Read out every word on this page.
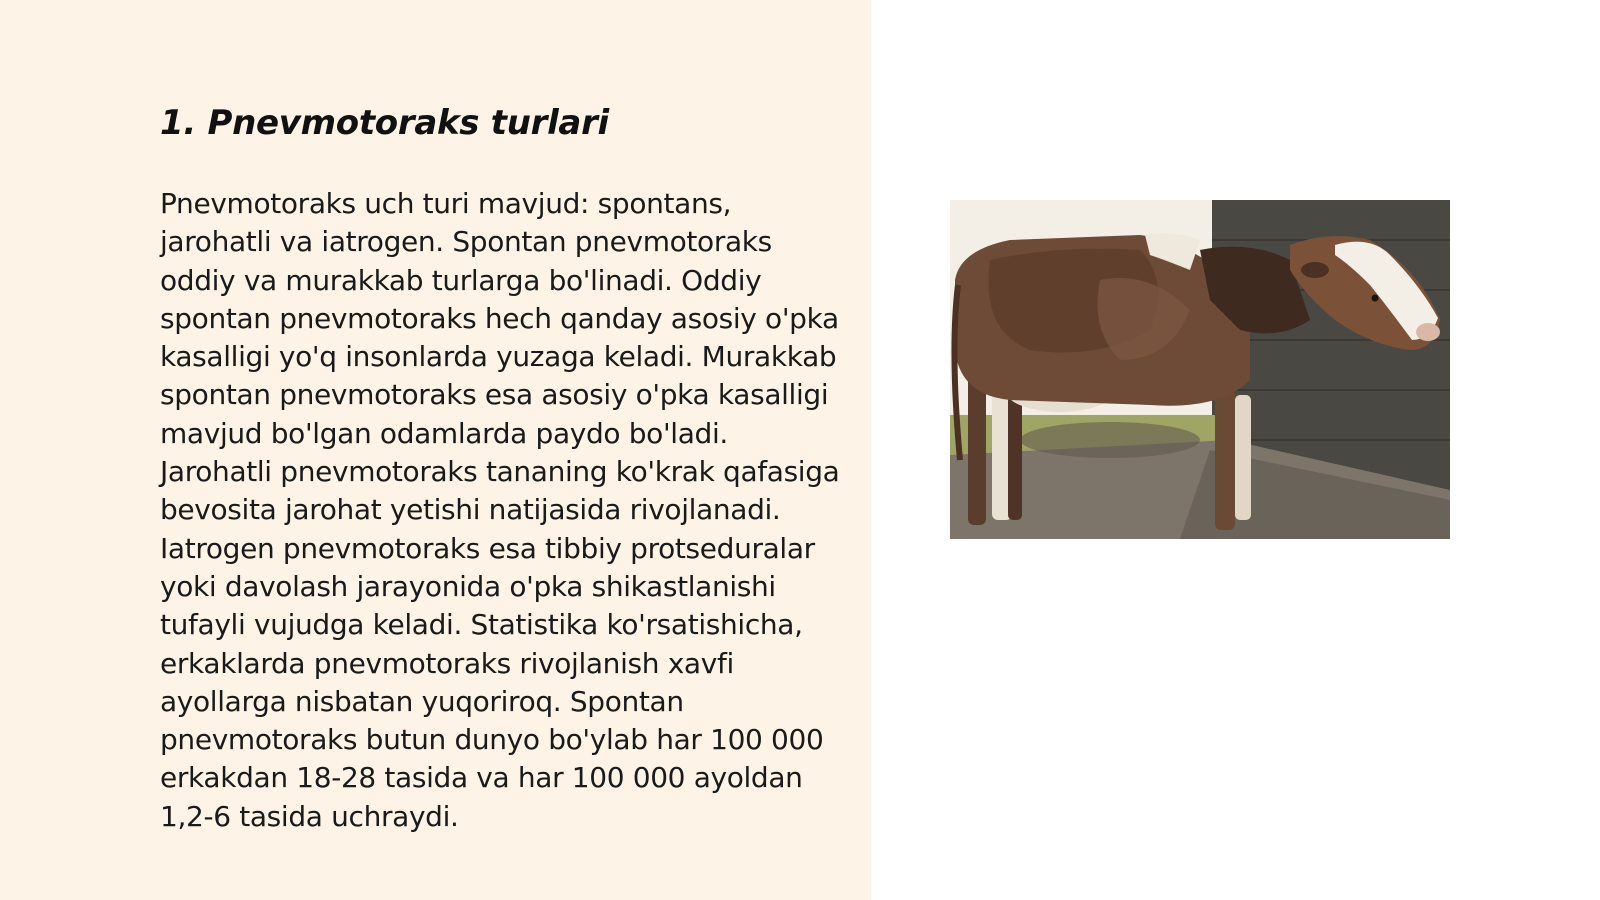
1. Pnevmotoraks turlari

Pnevmotoraks uch turi mavjud: spontans, jarohatli va iatrogen. Spontan pnevmotoraks oddiy va murakkab turlarga bo'linadi. Oddiy spontan pnevmotoraks hech qanday asosiy o'pka kasalligi yo'q insonlarda yuzaga keladi. Murakkab spontan pnevmotoraks esa asosiy o'pka kasalligi mavjud bo'lgan odamlarda paydo bo'ladi. Jarohatli pnevmotoraks tananing ko'krak qafasiga bevosita jarohat yetishi natijasida rivojlanadi. Iatrogen pnevmotoraks esa tibbiy protseduralar yoki davolash jarayonida o'pka shikastlanishi tufayli vujudga keladi. Statistika ko'rsatishicha, erkaklarda pnevmotoraks rivojlanish xavfi ayollarga nisbatan yuqoriroq. Spontan pnevmotoraks butun dunyo bo'ylab har 100 000 erkakdan 18-28 tasida va har 100 000 ayoldan 1,2-6 tasida uchraydi.
